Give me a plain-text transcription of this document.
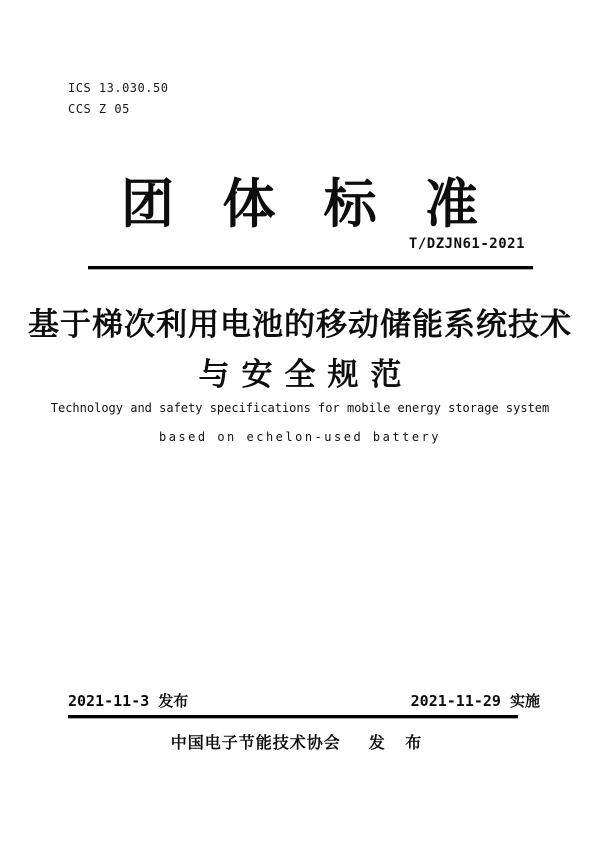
ICS 13.030.50
CCS Z 05
团 体 标 准
T/DZJN61-2021
基于梯次利用电池的移动储能系统技术
与安全规范
Technology and safety specifications for mobile energy storage system
based on echelon-used battery
2021-11-3 发布	2021-11-29 实施
中国电子节能技术协会 发 布
